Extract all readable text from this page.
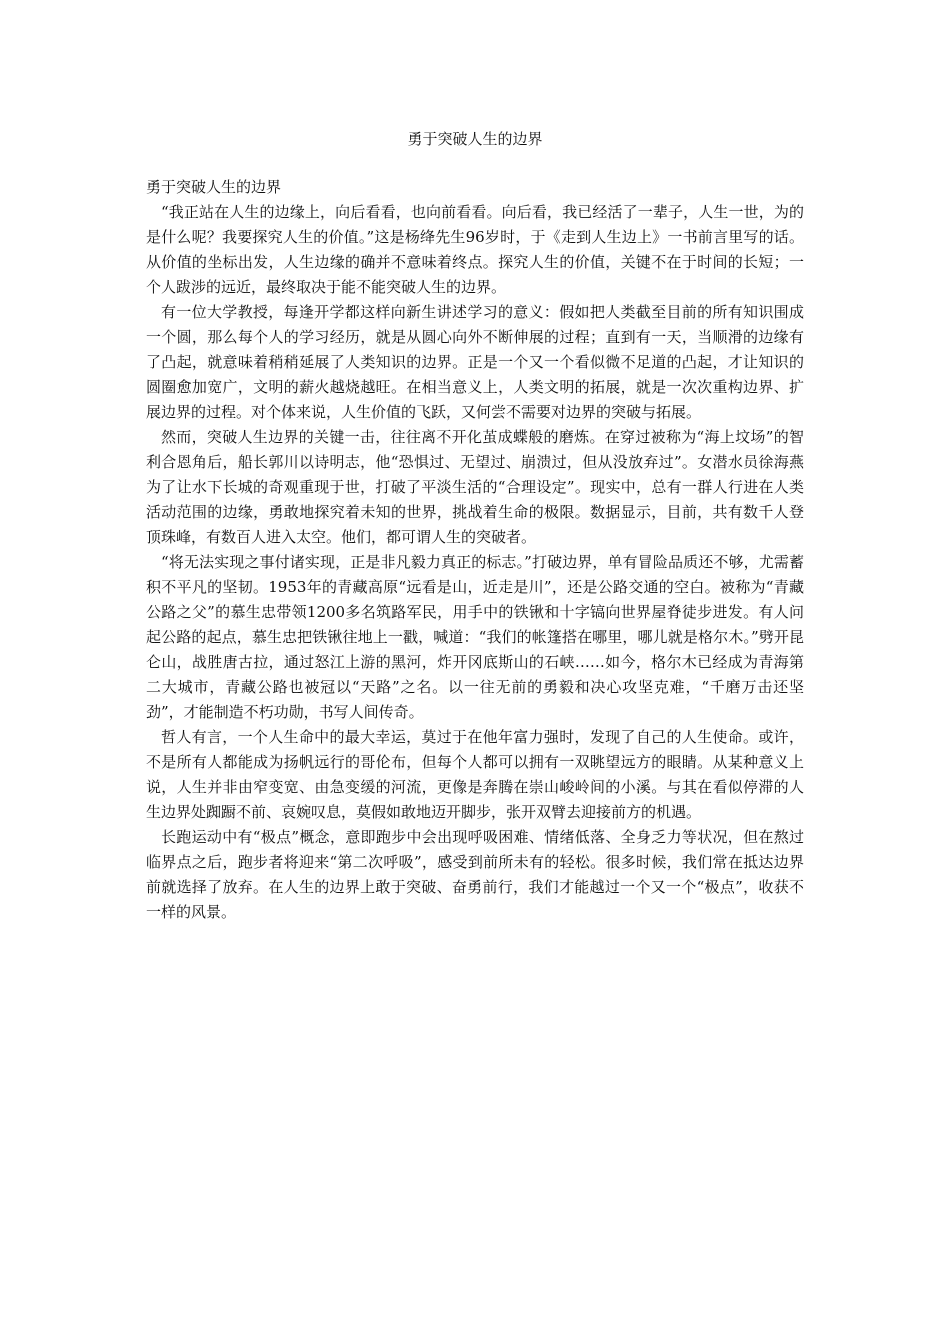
勇于突破人生的边界

勇于突破人生的边界

“我正站在人生的边缘上，向后看看，也向前看看。向后看，我已经活了一辈子，人生一世，为的是什么呢？我要探究人生的价值。”这是杨绛先生96岁时，于《走到人生边上》一书前言里写的话。从价值的坐标出发，人生边缘的确并不意味着终点。探究人生的价值，关键不在于时间的长短；一个人跋涉的远近，最终取决于能不能突破人生的边界。

有一位大学教授，每逢开学都这样向新生讲述学习的意义：假如把人类截至目前的所有知识围成一个圆，那么每个人的学习经历，就是从圆心向外不断伸展的过程；直到有一天，当顺滑的边缘有了凸起，就意味着稍稍延展了人类知识的边界。正是一个又一个看似微不足道的凸起，才让知识的圆圈愈加宽广，文明的薪火越烧越旺。在相当意义上，人类文明的拓展，就是一次次重构边界、扩展边界的过程。对个体来说，人生价值的飞跃，又何尝不需要对边界的突破与拓展。

然而，突破人生边界的关键一击，往往离不开化茧成蝶般的磨炼。在穿过被称为“海上坟场”的智利合恩角后，船长郭川以诗明志，他“恐惧过、无望过、崩溃过，但从没放弃过”。女潜水员徐海燕为了让水下长城的奇观重现于世，打破了平淡生活的“合理设定”。现实中，总有一群人行进在人类活动范围的边缘，勇敢地探究着未知的世界，挑战着生命的极限。数据显示，目前，共有数千人登顶珠峰，有数百人进入太空。他们，都可谓人生的突破者。

“将无法实现之事付诸实现，正是非凡毅力真正的标志。”打破边界，单有冒险品质还不够，尤需蓄积不平凡的坚韧。1953年的青藏高原“远看是山，近走是川”，还是公路交通的空白。被称为“青藏公路之父”的慕生忠带领1200多名筑路军民，用手中的铁锹和十字镐向世界屋脊徒步进发。有人问起公路的起点，慕生忠把铁锹往地上一戳，喊道：“我们的帐篷搭在哪里，哪儿就是格尔木。”劈开昆仑山，战胜唐古拉，通过怒江上游的黑河，炸开冈底斯山的石峡……如今，格尔木已经成为青海第二大城市，青藏公路也被冠以“天路”之名。以一往无前的勇毅和决心攻坚克难，“千磨万击还坚劲”，才能制造不朽功勋，书写人间传奇。

哲人有言，一个人生命中的最大幸运，莫过于在他年富力强时，发现了自己的人生使命。或许，不是所有人都能成为扬帆远行的哥伦布，但每个人都可以拥有一双眺望远方的眼睛。从某种意义上说，人生并非由窄变宽、由急变缓的河流，更像是奔腾在崇山峻岭间的小溪。与其在看似停滞的人生边界处踟蹰不前、哀婉叹息，莫假如敢地迈开脚步，张开双臂去迎接前方的机遇。

长跑运动中有“极点”概念，意即跑步中会出现呼吸困难、情绪低落、全身乏力等状况，但在熬过临界点之后，跑步者将迎来“第二次呼吸”，感受到前所未有的轻松。很多时候，我们常在抵达边界前就选择了放弃。在人生的边界上敢于突破、奋勇前行，我们才能越过一个又一个“极点”，收获不一样的风景。
